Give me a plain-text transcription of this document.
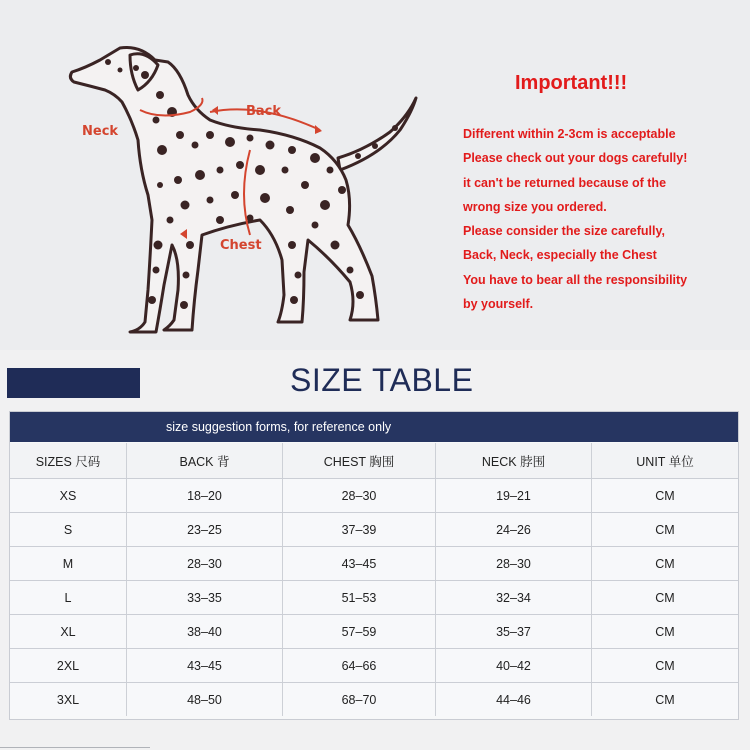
Neck
Back
Chest
Important!!!
Different within 2-3cm is acceptable
Please check out your dogs carefully!
it can't be returned because of the
wrong size you ordered.
Please consider the size carefully,
Back, Neck, especially the Chest
You have to bear all the responsibility
by yourself.
SIZE TABLE
size suggestion forms, for reference only
SIZES 尺码	BACK 背	CHEST 胸围	NECK 脖围	UNIT 单位
XS	18–20	28–30	19–21	CM
S	23–25	37–39	24–26	CM
M	28–30	43–45	28–30	CM
L	33–35	51–53	32–34	CM
XL	38–40	57–59	35–37	CM
2XL	43–45	64–66	40–42	CM
3XL	48–50	68–70	44–46	CM
